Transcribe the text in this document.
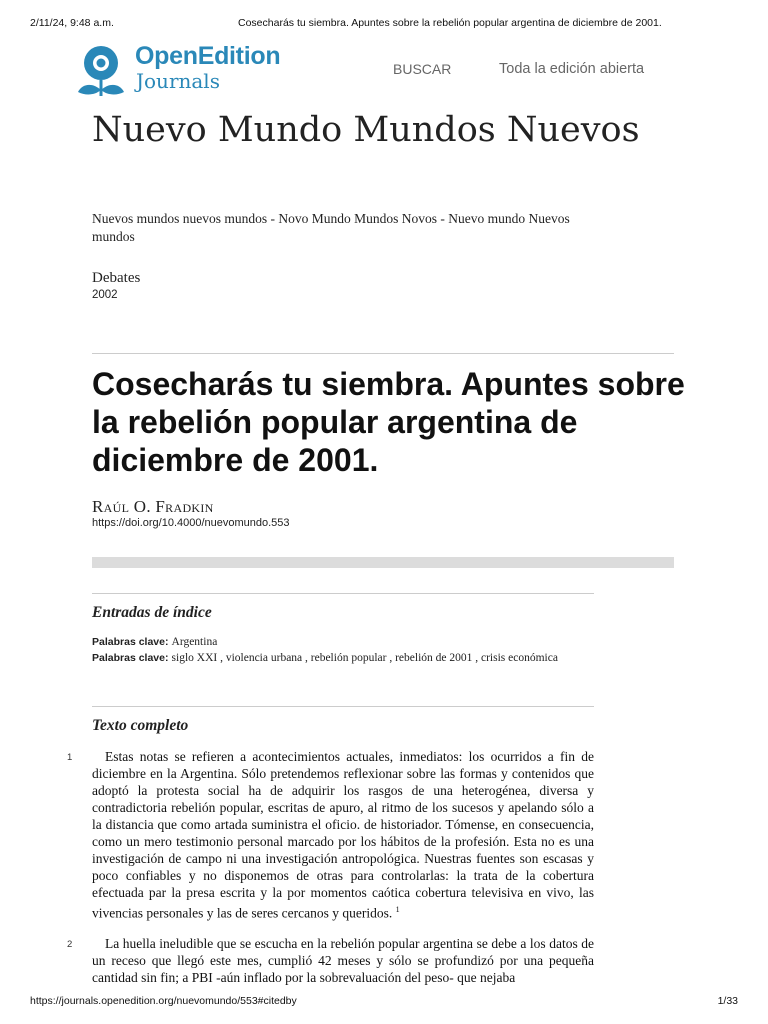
2/11/24, 9:48 a.m.	Cosecharás tu siembra. Apuntes sobre la rebelión popular argentina de diciembre de 2001.
OpenEdition
Journals	BUSCAR	Toda la edición abierta
Nuevo Mundo Mundos Nuevos
Nuevos mundos nuevos mundos - Novo Mundo Mundos Novos - Nuevo mundo Nuevos mundos
Debates
2002
Cosecharás tu siembra. Apuntes sobre la rebelión popular argentina de diciembre de 2001.
Raúl O. Fradkin
https://doi.org/10.4000/nuevomundo.553
Entradas de índice
Palabras clave: Argentina
Palabras clave: siglo XXI , violencia urbana , rebelión popular , rebelión de 2001 , crisis económica
Texto completo
1	Estas notas se refieren a acontecimientos actuales, inmediatos: los ocurridos a fin de diciembre en la Argentina. Sólo pretendemos reflexionar sobre las formas y contenidos que adoptó la protesta social ha de adquirir los rasgos de una heterogénea, diversa y contradictoria rebelión popular, escritas de apuro, al ritmo de los sucesos y apelando sólo a la distancia que como artada suministra el oficio. de historiador. Tómense, en consecuencia, como un mero testimonio personal marcado por los hábitos de la profesión. Esta no es una investigación de campo ni una investigación antropológica. Nuestras fuentes son escasas y poco confiables y no disponemos de otras para controlarlas: la trata de la cobertura efectuada par la presa escrita y la por momentos caótica cobertura televisiva en vivo, las vivencias personales y las de seres cercanos y queridos. $^1$

2	La huella ineludible que se escucha en la rebelión popular argentina se debe a los datos de un receso que llegó este mes, cumplió 42 meses y sólo se profundizó por una pequeña cantidad sin fin; a PBI -aún inflado por la sobrevaluación del peso- que nejaba

https://journals.openedition.org/nuevomundo/553#citedby	1/33
